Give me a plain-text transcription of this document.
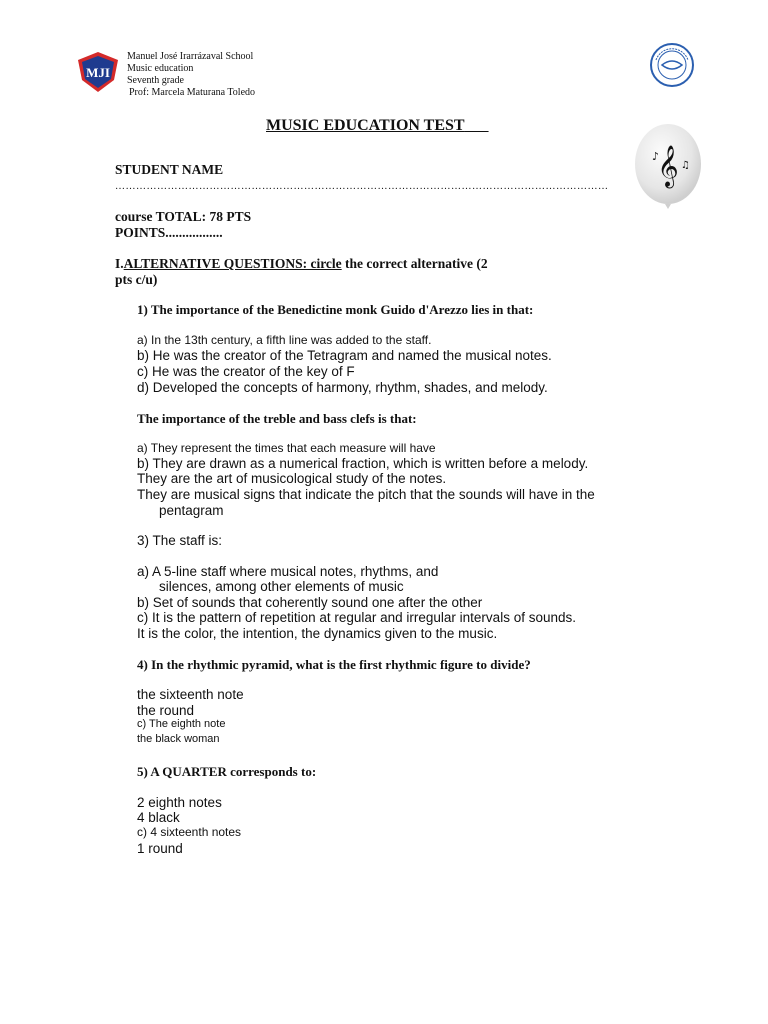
MJI
Manuel José Irarrázaval School
Music education
Seventh grade
Prof: Marcela Maturana Toledo
MUSIC EDUCATION TEST
𝄞
♪
♫
STUDENT NAME
……………………………………………………………………………………………………………………………
course TOTAL: 78 PTS
POINTS.................
I.ALTERNATIVE QUESTIONS: circle the correct alternative (2
pts c/u)
1) The importance of the Benedictine monk Guido d'Arezzo lies in that:
a) In the 13th century, a fifth line was added to the staff.
b) He was the creator of the Tetragram and named the musical notes.
c) He was the creator of the key of F
d) Developed the concepts of harmony, rhythm, shades, and melody.
The importance of the treble and bass clefs is that:
a) They represent the times that each measure will have
b) They are drawn as a numerical fraction, which is written before a melody.
They are the art of musicological study of the notes.
They are musical signs that indicate the pitch that the sounds will have in the
pentagram
3) The staff is:
a) A 5-line staff where musical notes, rhythms, and
silences, among other elements of music
b) Set of sounds that coherently sound one after the other
c) It is the pattern of repetition at regular and irregular intervals of sounds.
It is the color, the intention, the dynamics given to the music.
4) In the rhythmic pyramid, what is the first rhythmic figure to divide?
the sixteenth note
the round
c) The eighth note
the black woman
5) A QUARTER corresponds to:
2 eighth notes
4 black
c) 4 sixteenth notes
1 round
